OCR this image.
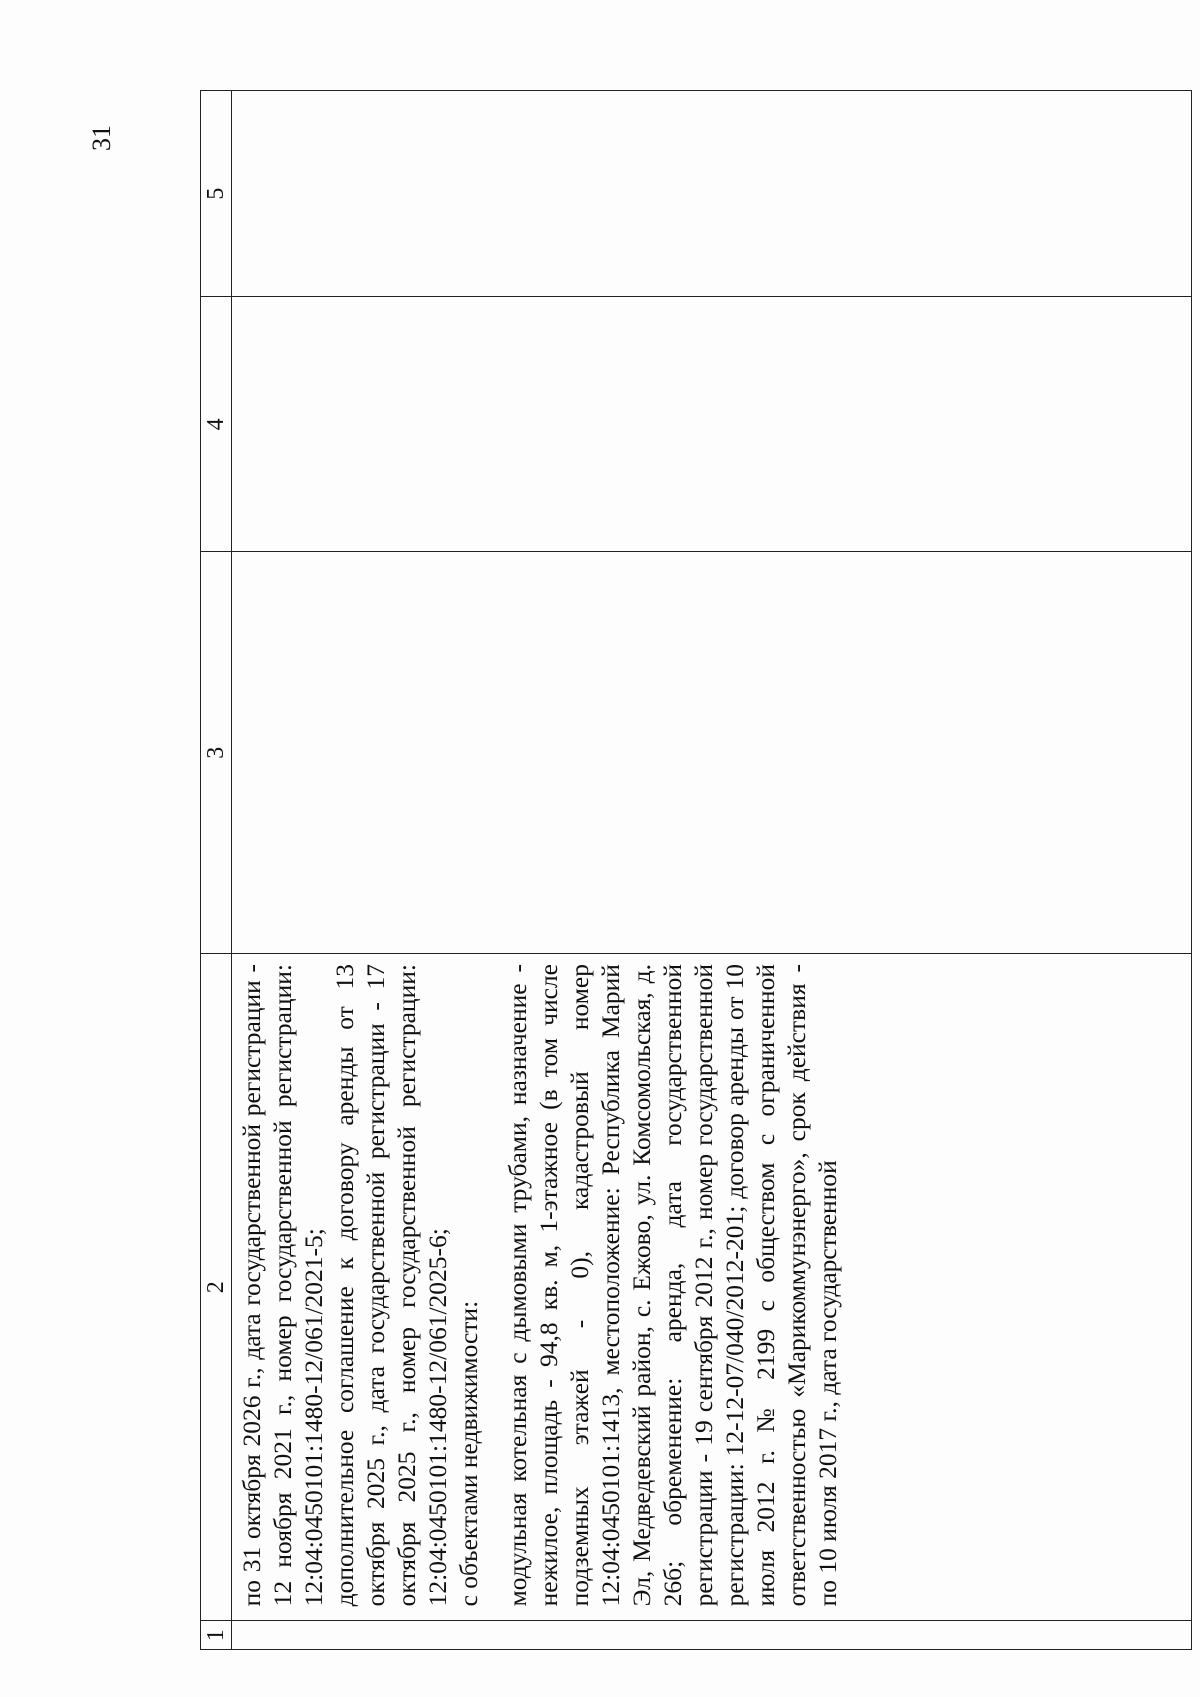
31
1	2	3	4	5

	по 31 октября 2026 г., дата государственной регистрации - 12 ноября 2021 г., номер государственной регистрации: 12:04:0450101:1480-12/061/2021-5; дополнительное соглашение к договору аренды от 13 октября 2025 г., дата государственной регистрации - 17 октября 2025 г., номер государственной регистрации: 12:04:0450101:1480-12/061/2025-6; с объектами недвижимости: модульная котельная с дымовыми трубами, назначение - нежилое, площадь - 94,8 кв. м, 1-этажное (в том числе подземных этажей - 0), кадастровый номер 12:04:0450101:1413, местоположение: Республика Марий Эл, Медведевский район, с. Ежово, ул. Комсомольская, д. 26б; обременение: аренда, дата государственной регистрации - 19 сентября 2012 г., номер государственной регистрации: 12-12-07/040/2012-201; договор аренды от 10 июля 2012 г. № 2199 с обществом с ограниченной ответственностью «Марикоммунэнерго», срок действия - по 10 июля 2017 г., дата государственной			
